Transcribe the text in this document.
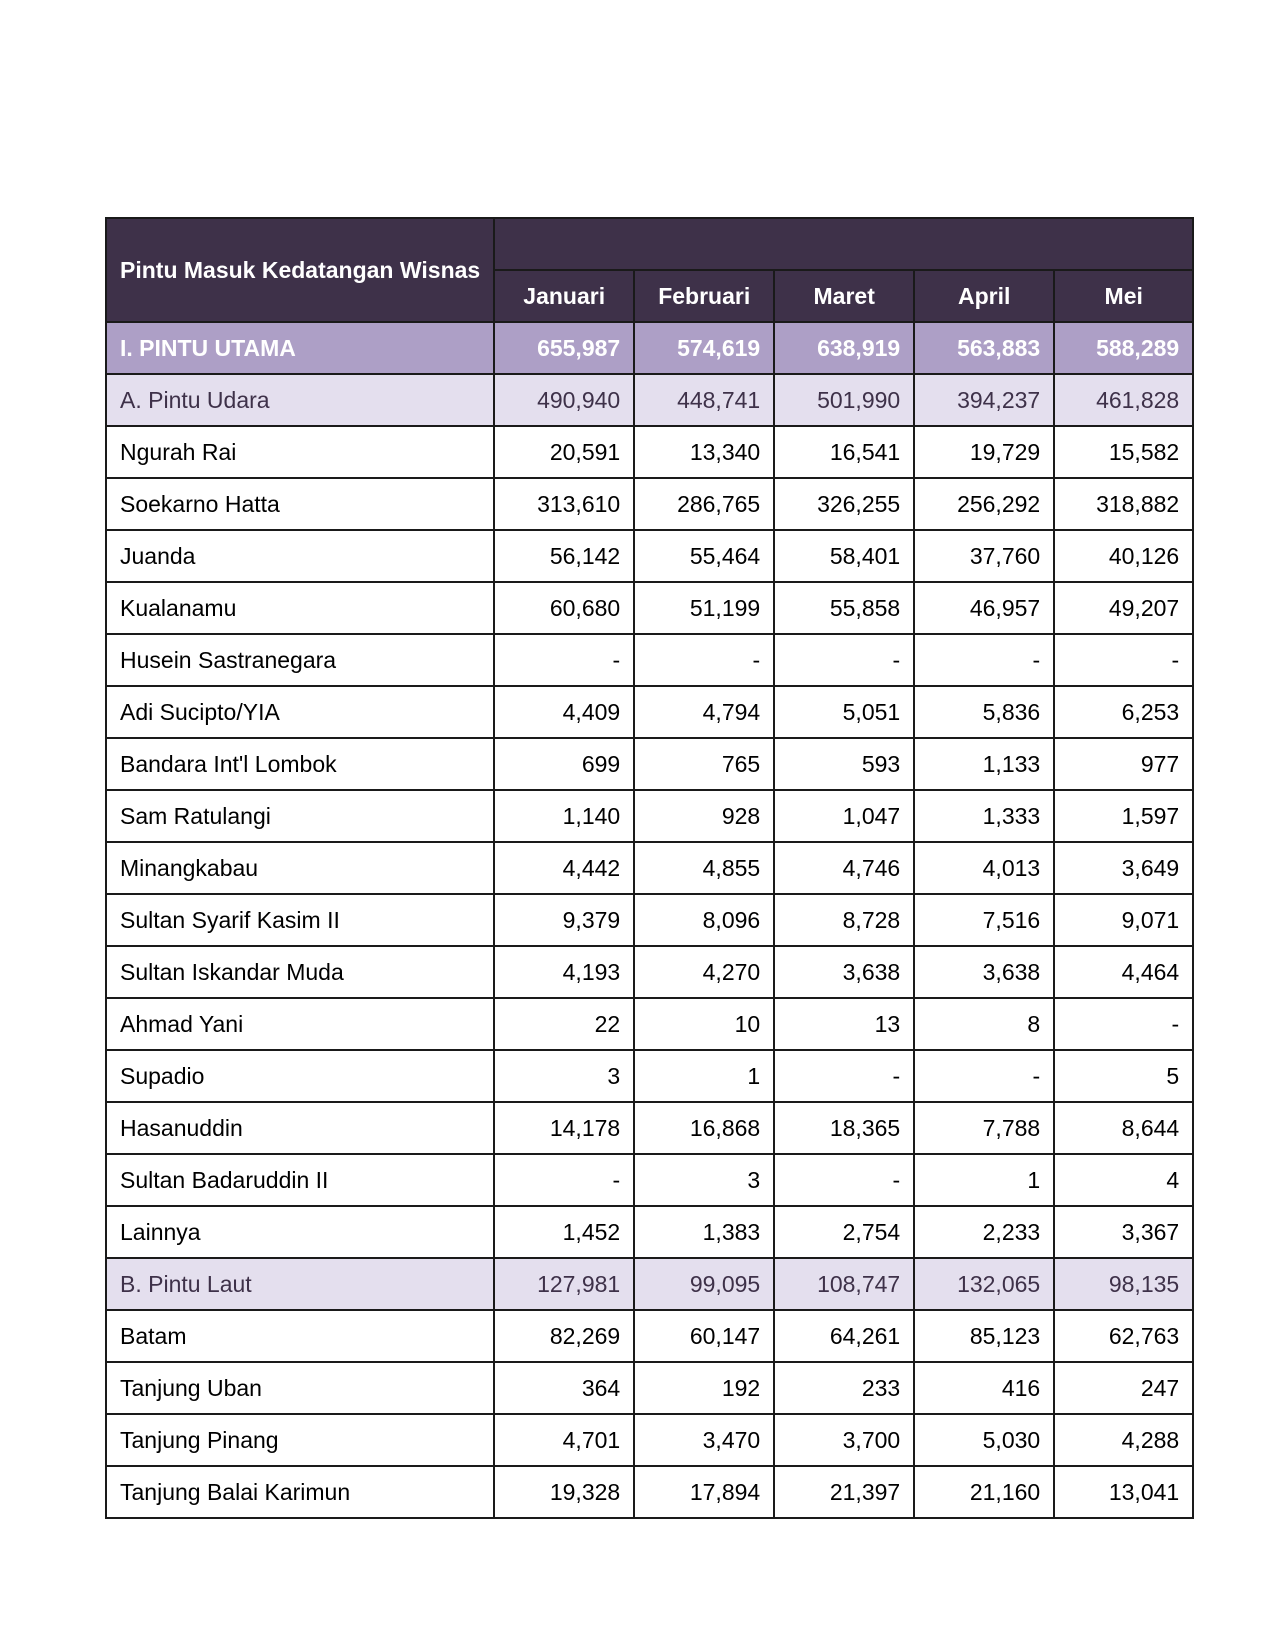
Pintu Masuk Kedatangan Wisnas					
	Januari	Februari	Maret	April	Mei
I. PINTU UTAMA	655,987	574,619	638,919	563,883	588,289
A. Pintu Udara	490,940	448,741	501,990	394,237	461,828
Ngurah Rai	20,591	13,340	16,541	19,729	15,582
Soekarno Hatta	313,610	286,765	326,255	256,292	318,882
Juanda	56,142	55,464	58,401	37,760	40,126
Kualanamu	60,680	51,199	55,858	46,957	49,207
Husein Sastranegara	-	-	-	-	-
Adi Sucipto/YIA	4,409	4,794	5,051	5,836	6,253
Bandara Int'l Lombok	699	765	593	1,133	977
Sam Ratulangi	1,140	928	1,047	1,333	1,597
Minangkabau	4,442	4,855	4,746	4,013	3,649
Sultan Syarif Kasim II	9,379	8,096	8,728	7,516	9,071
Sultan Iskandar Muda	4,193	4,270	3,638	3,638	4,464
Ahmad Yani	22	10	13	8	-
Supadio	3	1	-	-	5
Hasanuddin	14,178	16,868	18,365	7,788	8,644
Sultan Badaruddin II	-	3	-	1	4
Lainnya	1,452	1,383	2,754	2,233	3,367
B. Pintu Laut	127,981	99,095	108,747	132,065	98,135
Batam	82,269	60,147	64,261	85,123	62,763
Tanjung Uban	364	192	233	416	247
Tanjung Pinang	4,701	3,470	3,700	5,030	4,288
Tanjung Balai Karimun	19,328	17,894	21,397	21,160	13,041
